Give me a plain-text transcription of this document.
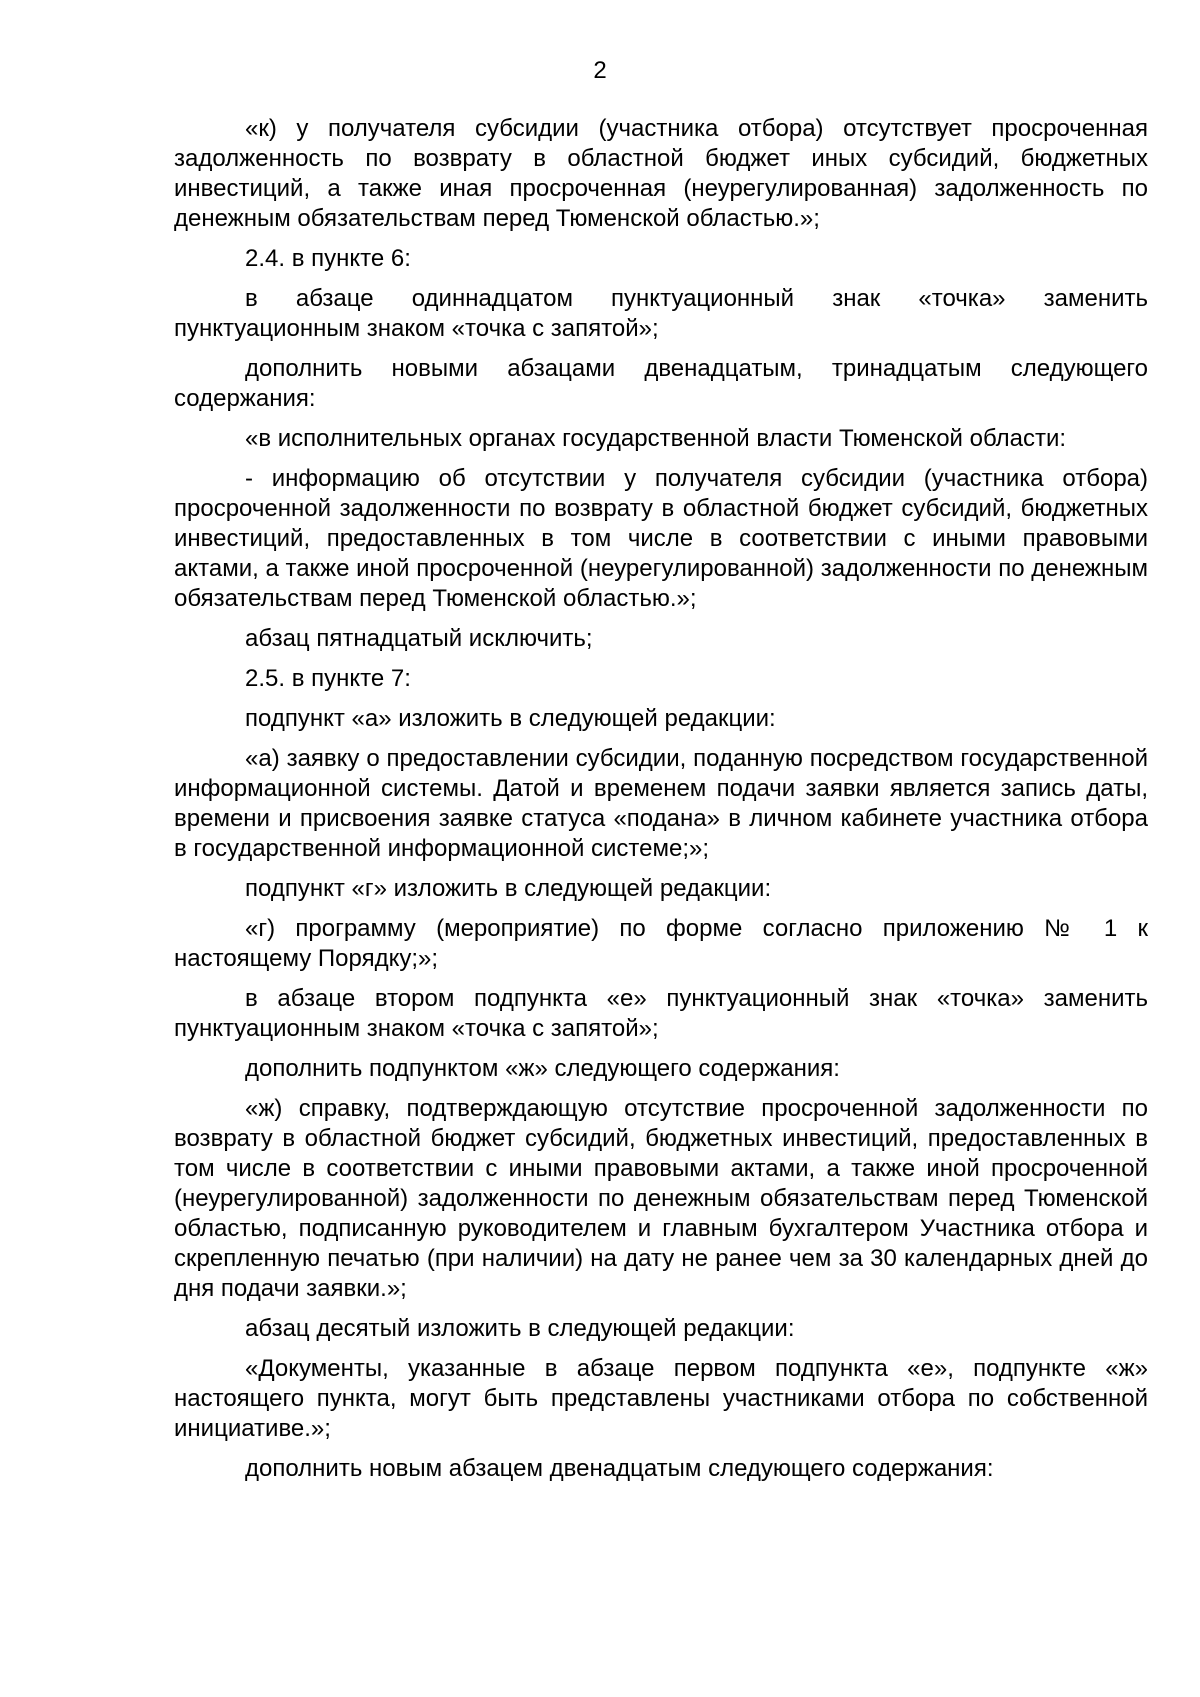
2

«к) у получателя субсидии (участника отбора) отсутствует просроченная задолженность по возврату в областной бюджет иных субсидий, бюджетных инвестиций, а также иная просроченная (неурегулированная) задолженность по денежным обязательствам перед Тюменской областью.»;

2.4. в пункте 6:

в абзаце одиннадцатом пунктуационный знак «точка» заменить пунктуационным знаком «точка с запятой»;

дополнить новыми абзацами двенадцатым, тринадцатым следующего содержания:

«в исполнительных органах государственной власти Тюменской области:

- информацию об отсутствии у получателя субсидии (участника отбора) просроченной задолженности по возврату в областной бюджет субсидий, бюджетных инвестиций, предоставленных в том числе в соответствии с иными правовыми актами, а также иной просроченной (неурегулированной) задолженности по денежным обязательствам перед Тюменской областью.»;

абзац пятнадцатый исключить;

2.5. в пункте 7:

подпункт «а» изложить в следующей редакции:

«а) заявку о предоставлении субсидии, поданную посредством государственной информационной системы. Датой и временем подачи заявки является запись даты, времени и присвоения заявке статуса «подана» в личном кабинете участника отбора в государственной информационной системе;»;

подпункт «г» изложить в следующей редакции:

«г) программу (мероприятие) по форме согласно приложению № 1 к настоящему Порядку;»;

в абзаце втором подпункта «е» пунктуационный знак «точка» заменить пунктуационным знаком «точка с запятой»;

дополнить подпунктом «ж» следующего содержания:

«ж) справку, подтверждающую отсутствие просроченной задолженности по возврату в областной бюджет субсидий, бюджетных инвестиций, предоставленных в том числе в соответствии с иными правовыми актами, а также иной просроченной (неурегулированной) задолженности по денежным обязательствам перед Тюменской областью, подписанную руководителем и главным бухгалтером Участника отбора и скрепленную печатью (при наличии) на дату не ранее чем за 30 календарных дней до дня подачи заявки.»;

абзац десятый изложить в следующей редакции:

«Документы, указанные в абзаце первом подпункта «е», подпункте «ж» настоящего пункта, могут быть представлены участниками отбора по собственной инициативе.»;

дополнить новым абзацем двенадцатым следующего содержания:
